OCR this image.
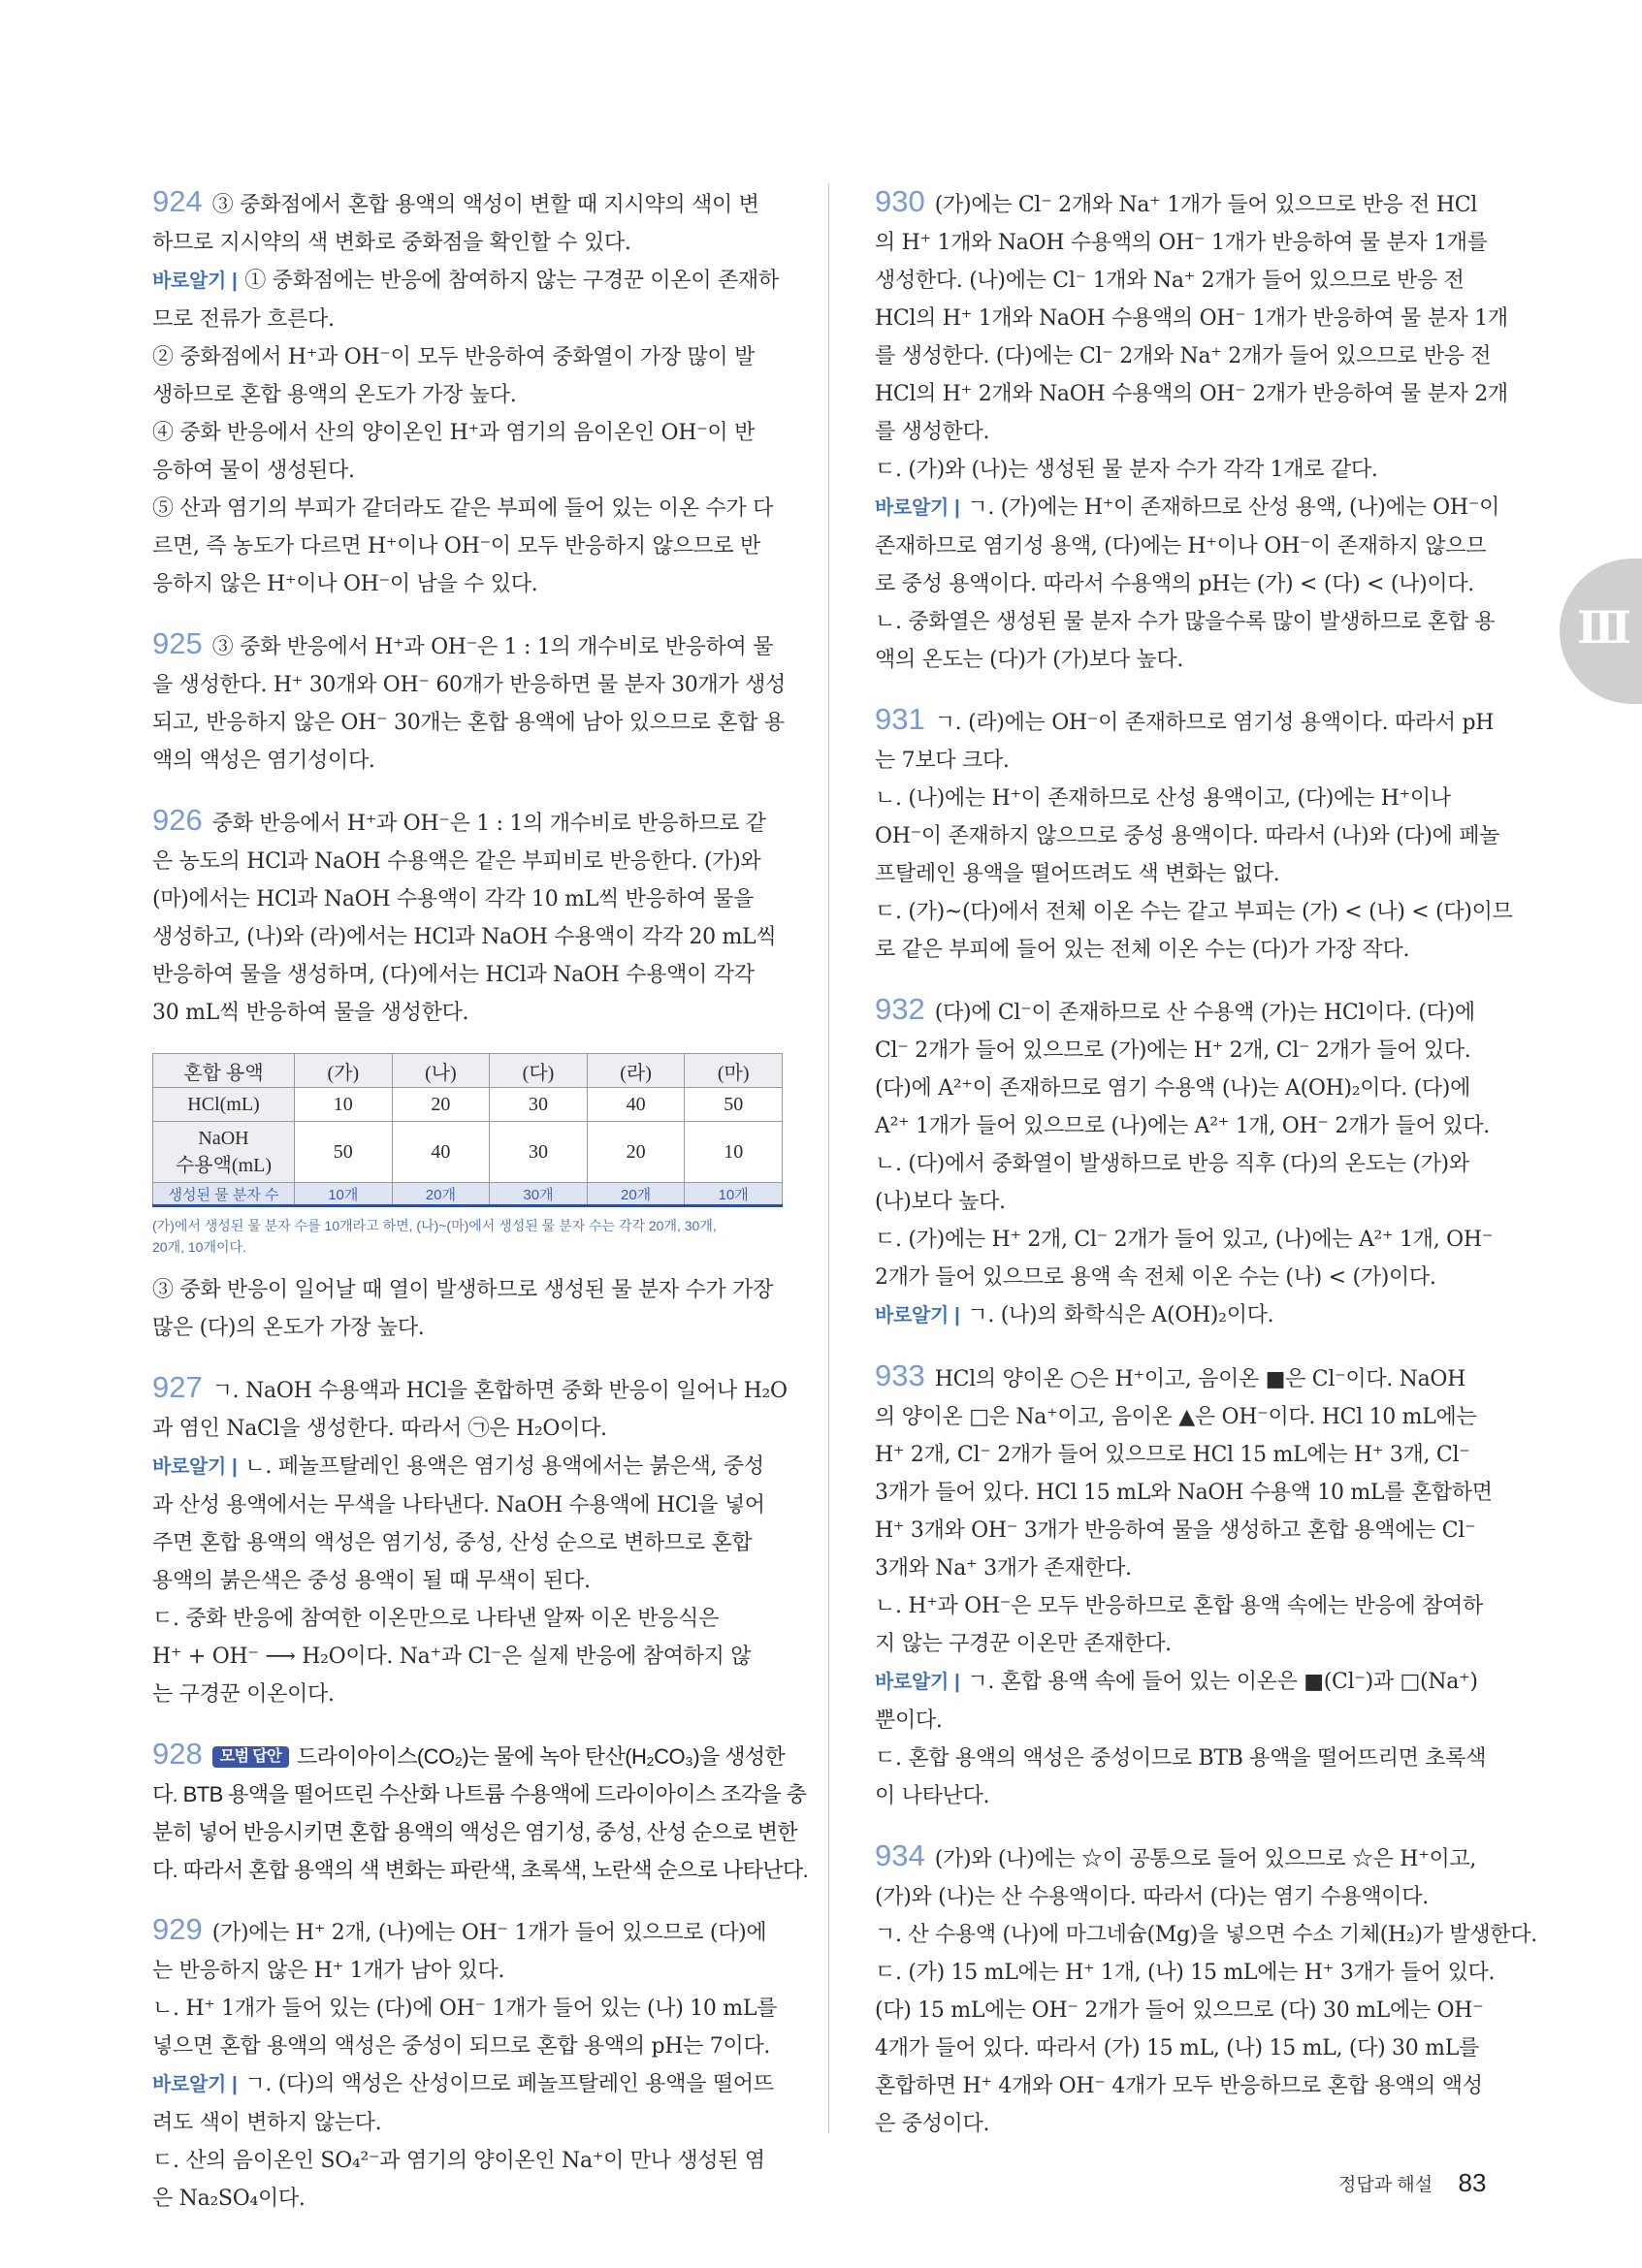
924 ③ 중화점에서 혼합 용액의 액성이 변할 때 지시약의 색이 변
하므로 지시약의 색 변화로 중화점을 확인할 수 있다.
바로알기 | ① 중화점에는 반응에 참여하지 않는 구경꾼 이온이 존재하
므로 전류가 흐른다.
② 중화점에서 H⁺과 OH⁻이 모두 반응하여 중화열이 가장 많이 발
생하므로 혼합 용액의 온도가 가장 높다.
④ 중화 반응에서 산의 양이온인 H⁺과 염기의 음이온인 OH⁻이 반
응하여 물이 생성된다.
⑤ 산과 염기의 부피가 같더라도 같은 부피에 들어 있는 이온 수가 다
르면, 즉 농도가 다르면 H⁺이나 OH⁻이 모두 반응하지 않으므로 반
응하지 않은 H⁺이나 OH⁻이 남을 수 있다.
925 ③ 중화 반응에서 H⁺과 OH⁻은 1 : 1의 개수비로 반응하여 물
을 생성한다. H⁺ 30개와 OH⁻ 60개가 반응하면 물 분자 30개가 생성
되고, 반응하지 않은 OH⁻ 30개는 혼합 용액에 남아 있으므로 혼합 용
액의 액성은 염기성이다.
926 중화 반응에서 H⁺과 OH⁻은 1 : 1의 개수비로 반응하므로 같
은 농도의 HCl과 NaOH 수용액은 같은 부피비로 반응한다. (가)와
(마)에서는 HCl과 NaOH 수용액이 각각 10 mL씩 반응하여 물을
생성하고, (나)와 (라)에서는 HCl과 NaOH 수용액이 각각 20 mL씩
반응하여 물을 생성하며, (다)에서는 HCl과 NaOH 수용액이 각각
30 mL씩 반응하여 물을 생성한다.
혼합 용액	(가)	(나)	(다)	(라)	(마)
HCl(mL)	10	20	30	40	50
NaOH
수용액(mL)	50	40	30	20	10
생성된 물 분자 수	10개	20개	30개	20개	10개
(가)에서 생성된 물 분자 수를 10개라고 하면, (나)~(마)에서 생성된 물 분자 수는 각각 20개, 30개,
20개, 10개이다.
③ 중화 반응이 일어날 때 열이 발생하므로 생성된 물 분자 수가 가장
많은 (다)의 온도가 가장 높다.
927 ㄱ. NaOH 수용액과 HCl을 혼합하면 중화 반응이 일어나 H₂O
과 염인 NaCl을 생성한다. 따라서 ㉠은 H₂O이다.
바로알기 | ㄴ. 페놀프탈레인 용액은 염기성 용액에서는 붉은색, 중성
과 산성 용액에서는 무색을 나타낸다. NaOH 수용액에 HCl을 넣어
주면 혼합 용액의 액성은 염기성, 중성, 산성 순으로 변하므로 혼합
용액의 붉은색은 중성 용액이 될 때 무색이 된다.
ㄷ. 중화 반응에 참여한 이온만으로 나타낸 알짜 이온 반응식은
H⁺ + OH⁻ ⟶ H₂O이다. Na⁺과 Cl⁻은 실제 반응에 참여하지 않
는 구경꾼 이온이다.
928 모범 답안 드라이아이스(CO₂)는 물에 녹아 탄산(H₂CO₃)을 생성한
다. BTB 용액을 떨어뜨린 수산화 나트륨 수용액에 드라이아이스 조각을 충
분히 넣어 반응시키면 혼합 용액의 액성은 염기성, 중성, 산성 순으로 변한
다. 따라서 혼합 용액의 색 변화는 파란색, 초록색, 노란색 순으로 나타난다.
929 (가)에는 H⁺ 2개, (나)에는 OH⁻ 1개가 들어 있으므로 (다)에
는 반응하지 않은 H⁺ 1개가 남아 있다.
ㄴ. H⁺ 1개가 들어 있는 (다)에 OH⁻ 1개가 들어 있는 (나) 10 mL를
넣으면 혼합 용액의 액성은 중성이 되므로 혼합 용액의 pH는 7이다.
바로알기 | ㄱ. (다)의 액성은 산성이므로 페놀프탈레인 용액을 떨어뜨
려도 색이 변하지 않는다.
ㄷ. 산의 음이온인 SO₄²⁻과 염기의 양이온인 Na⁺이 만나 생성된 염
은 Na₂SO₄이다.
930 (가)에는 Cl⁻ 2개와 Na⁺ 1개가 들어 있으므로 반응 전 HCl
의 H⁺ 1개와 NaOH 수용액의 OH⁻ 1개가 반응하여 물 분자 1개를
생성한다. (나)에는 Cl⁻ 1개와 Na⁺ 2개가 들어 있으므로 반응 전
HCl의 H⁺ 1개와 NaOH 수용액의 OH⁻ 1개가 반응하여 물 분자 1개
를 생성한다. (다)에는 Cl⁻ 2개와 Na⁺ 2개가 들어 있으므로 반응 전
HCl의 H⁺ 2개와 NaOH 수용액의 OH⁻ 2개가 반응하여 물 분자 2개
를 생성한다.
ㄷ. (가)와 (나)는 생성된 물 분자 수가 각각 1개로 같다.
바로알기 | ㄱ. (가)에는 H⁺이 존재하므로 산성 용액, (나)에는 OH⁻이
존재하므로 염기성 용액, (다)에는 H⁺이나 OH⁻이 존재하지 않으므
로 중성 용액이다. 따라서 수용액의 pH는 (가) < (다) < (나)이다.
ㄴ. 중화열은 생성된 물 분자 수가 많을수록 많이 발생하므로 혼합 용
액의 온도는 (다)가 (가)보다 높다.
931 ㄱ. (라)에는 OH⁻이 존재하므로 염기성 용액이다. 따라서 pH
는 7보다 크다.
ㄴ. (나)에는 H⁺이 존재하므로 산성 용액이고, (다)에는 H⁺이나
OH⁻이 존재하지 않으므로 중성 용액이다. 따라서 (나)와 (다)에 페놀
프탈레인 용액을 떨어뜨려도 색 변화는 없다.
ㄷ. (가)~(다)에서 전체 이온 수는 같고 부피는 (가) < (나) < (다)이므
로 같은 부피에 들어 있는 전체 이온 수는 (다)가 가장 작다.
932 (다)에 Cl⁻이 존재하므로 산 수용액 (가)는 HCl이다. (다)에
Cl⁻ 2개가 들어 있으므로 (가)에는 H⁺ 2개, Cl⁻ 2개가 들어 있다.
(다)에 A²⁺이 존재하므로 염기 수용액 (나)는 A(OH)₂이다. (다)에
A²⁺ 1개가 들어 있으므로 (나)에는 A²⁺ 1개, OH⁻ 2개가 들어 있다.
ㄴ. (다)에서 중화열이 발생하므로 반응 직후 (다)의 온도는 (가)와
(나)보다 높다.
ㄷ. (가)에는 H⁺ 2개, Cl⁻ 2개가 들어 있고, (나)에는 A²⁺ 1개, OH⁻
2개가 들어 있으므로 용액 속 전체 이온 수는 (나) < (가)이다.
바로알기 | ㄱ. (나)의 화학식은 A(OH)₂이다.
933 HCl의 양이온 ○은 H⁺이고, 음이온 ■은 Cl⁻이다. NaOH
의 양이온 □은 Na⁺이고, 음이온 ▲은 OH⁻이다. HCl 10 mL에는
H⁺ 2개, Cl⁻ 2개가 들어 있으므로 HCl 15 mL에는 H⁺ 3개, Cl⁻
3개가 들어 있다. HCl 15 mL와 NaOH 수용액 10 mL를 혼합하면
H⁺ 3개와 OH⁻ 3개가 반응하여 물을 생성하고 혼합 용액에는 Cl⁻
3개와 Na⁺ 3개가 존재한다.
ㄴ. H⁺과 OH⁻은 모두 반응하므로 혼합 용액 속에는 반응에 참여하
지 않는 구경꾼 이온만 존재한다.
바로알기 | ㄱ. 혼합 용액 속에 들어 있는 이온은 ■(Cl⁻)과 □(Na⁺)
뿐이다.
ㄷ. 혼합 용액의 액성은 중성이므로 BTB 용액을 떨어뜨리면 초록색
이 나타난다.
934 (가)와 (나)에는 ☆이 공통으로 들어 있으므로 ☆은 H⁺이고,
(가)와 (나)는 산 수용액이다. 따라서 (다)는 염기 수용액이다.
ㄱ. 산 수용액 (나)에 마그네슘(Mg)을 넣으면 수소 기체(H₂)가 발생한다.
ㄷ. (가) 15 mL에는 H⁺ 1개, (나) 15 mL에는 H⁺ 3개가 들어 있다.
(다) 15 mL에는 OH⁻ 2개가 들어 있으므로 (다) 30 mL에는 OH⁻
4개가 들어 있다. 따라서 (가) 15 mL, (나) 15 mL, (다) 30 mL를
혼합하면 H⁺ 4개와 OH⁻ 4개가 모두 반응하므로 혼합 용액의 액성
은 중성이다.
Ⅲ
정답과 해설 83
